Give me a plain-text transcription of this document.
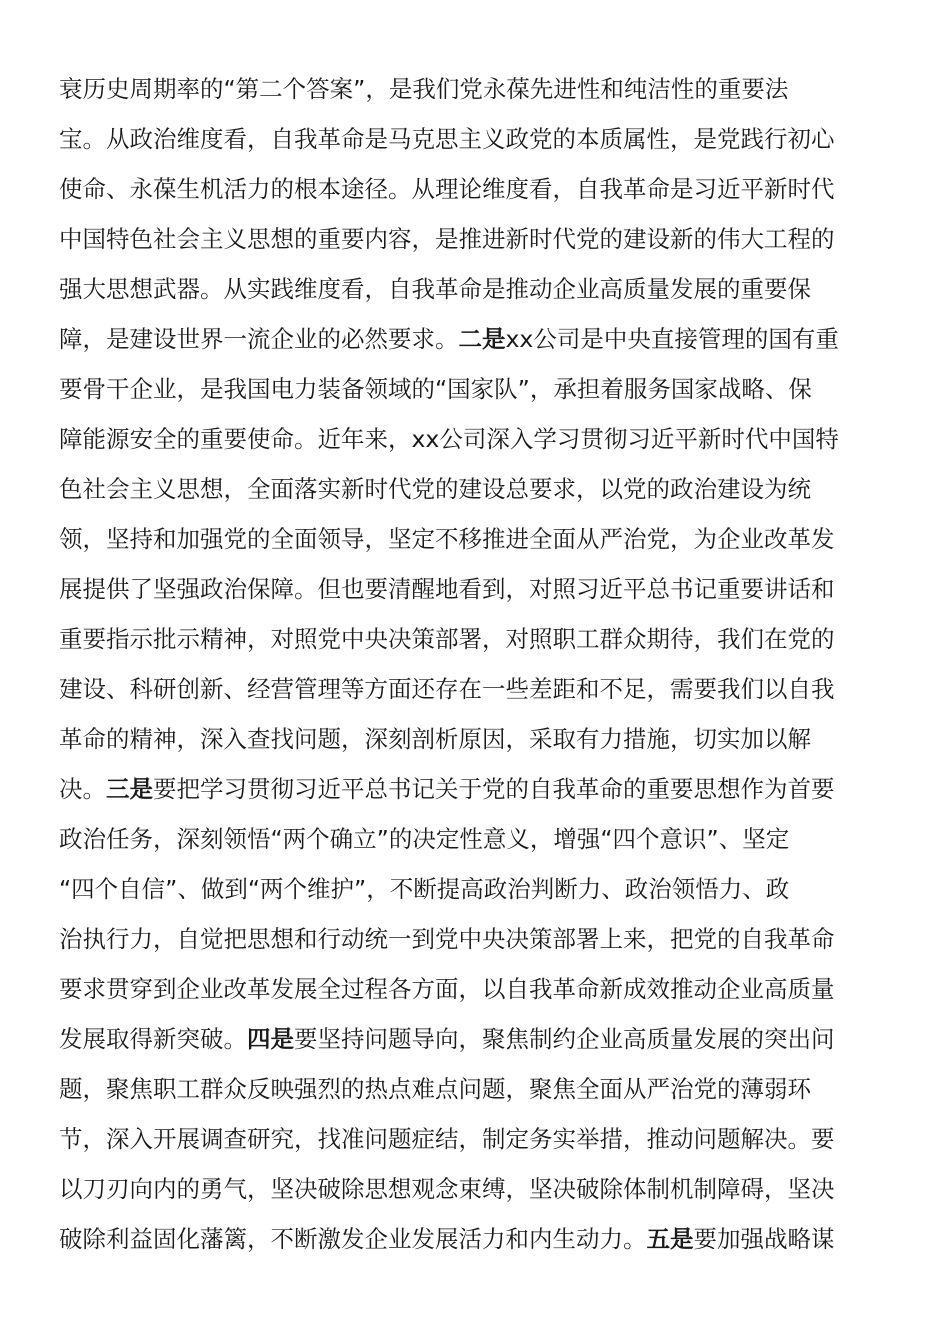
衰历史周期率的“第二个答案”，是我们党永葆先进性和纯洁性的重要法
宝。从政治维度看，自我革命是马克思主义政党的本质属性，是党践行初心
使命、永葆生机活力的根本途径。从理论维度看，自我革命是习近平新时代
中国特色社会主义思想的重要内容，是推进新时代党的建设新的伟大工程的
强大思想武器。从实践维度看，自我革命是推动企业高质量发展的重要保
障，是建设世界一流企业的必然要求。二是xx公司是中央直接管理的国有重
要骨干企业，是我国电力装备领域的“国家队”，承担着服务国家战略、保
障能源安全的重要使命。近年来，xx公司深入学习贯彻习近平新时代中国特
色社会主义思想，全面落实新时代党的建设总要求，以党的政治建设为统
领，坚持和加强党的全面领导，坚定不移推进全面从严治党，为企业改革发
展提供了坚强政治保障。但也要清醒地看到，对照习近平总书记重要讲话和
重要指示批示精神，对照党中央决策部署，对照职工群众期待，我们在党的
建设、科研创新、经营管理等方面还存在一些差距和不足，需要我们以自我
革命的精神，深入查找问题，深刻剖析原因，采取有力措施，切实加以解
决。三是要把学习贯彻习近平总书记关于党的自我革命的重要思想作为首要
政治任务，深刻领悟“两个确立”的决定性意义，增强“四个意识”、坚定
“四个自信”、做到“两个维护”，不断提高政治判断力、政治领悟力、政
治执行力，自觉把思想和行动统一到党中央决策部署上来，把党的自我革命
要求贯穿到企业改革发展全过程各方面，以自我革命新成效推动企业高质量
发展取得新突破。四是要坚持问题导向，聚焦制约企业高质量发展的突出问
题，聚焦职工群众反映强烈的热点难点问题，聚焦全面从严治党的薄弱环
节，深入开展调查研究，找准问题症结，制定务实举措，推动问题解决。要
以刀刃向内的勇气，坚决破除思想观念束缚，坚决破除体制机制障碍，坚决
破除利益固化藩篱，不断激发企业发展活力和内生动力。五是要加强战略谋
